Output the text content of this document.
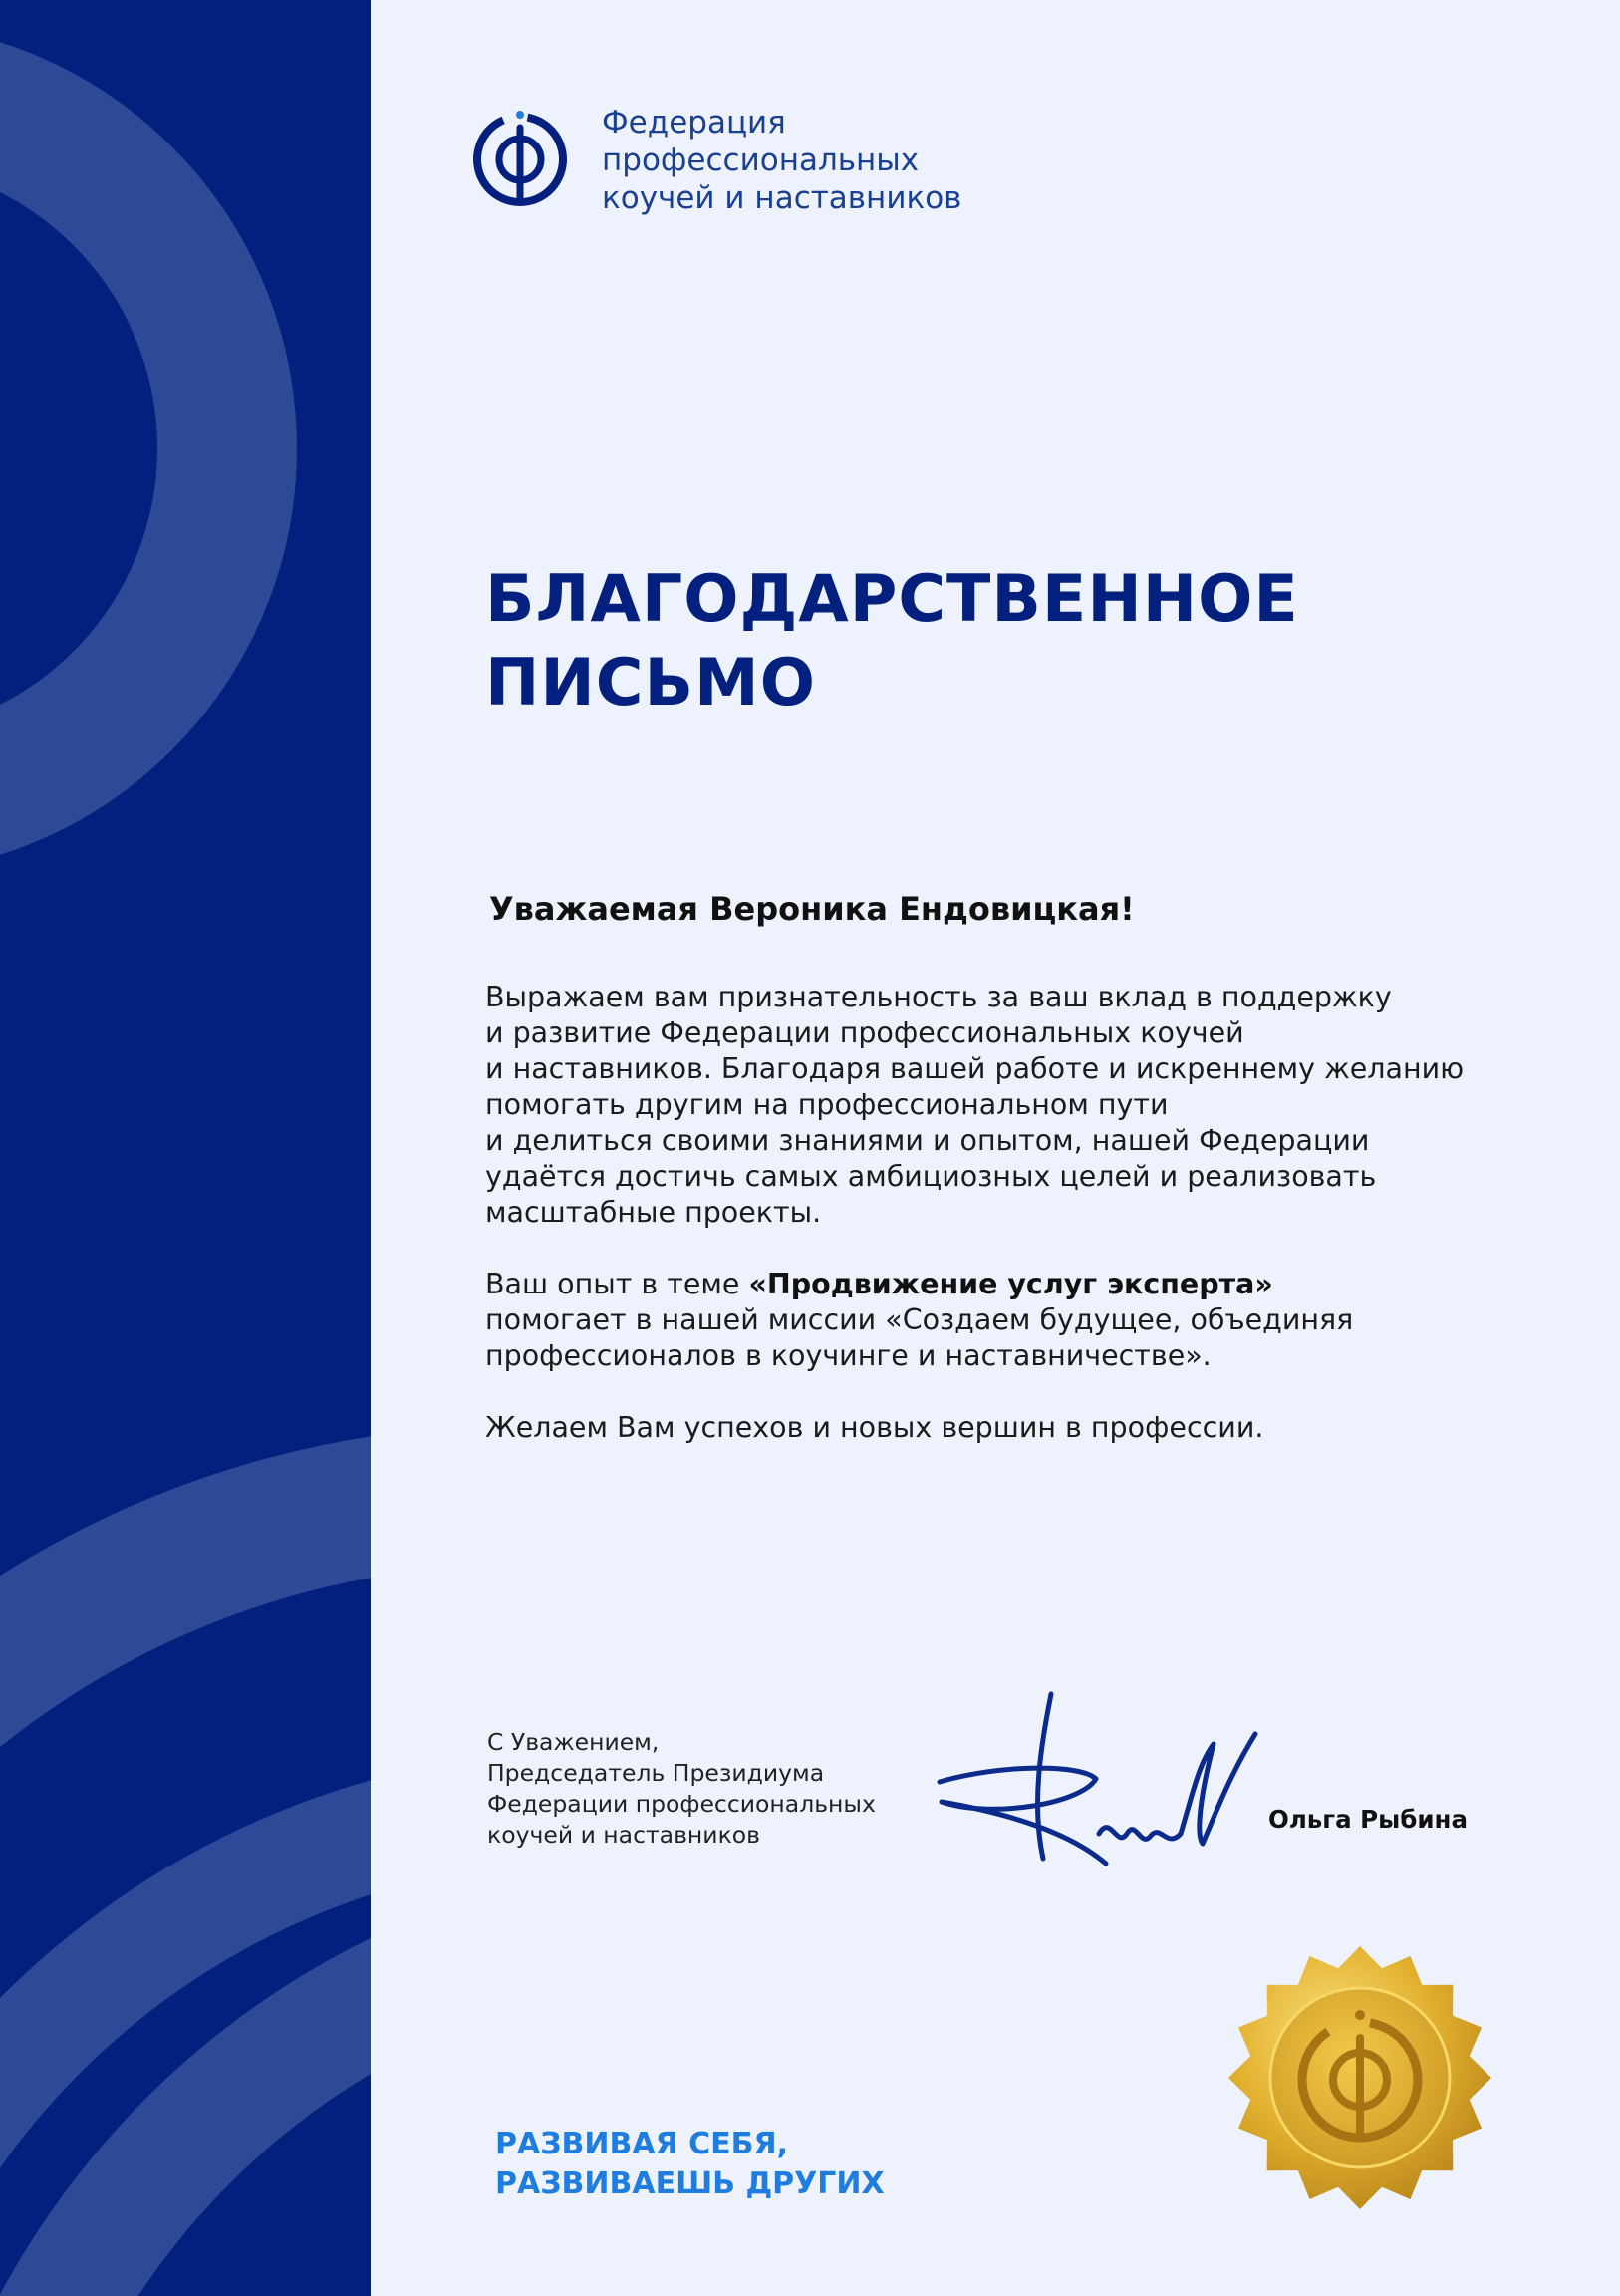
Федерация
профессиональных
коучей и наставников
БЛАГОДАРСТВЕННОЕ
ПИСЬМО
Уважаемая Вероника Ендовицкая!

Выражаем вам признательность за ваш вклад в поддержку
и развитие Федерации профессиональных коучей
и наставников. Благодаря вашей работе и искреннему желанию
помогать другим на профессиональном пути
и делиться своими знаниями и опытом, нашей Федерации
удаётся достичь самых амбициозных целей и реализовать
масштабные проекты.

Ваш опыт в теме «Продвижение услуг эксперта»
помогает в нашей миссии «Создаем будущее, объединяя
профессионалов в коучинге и наставничестве».

Желаем Вам успехов и новых вершин в профессии.

С Уважением,
Председатель Президиума
Федерации профессиональных
коучей и наставников
Ольга Рыбина
РАЗВИВАЯ СЕБЯ,
РАЗВИВАЕШЬ ДРУГИХ
